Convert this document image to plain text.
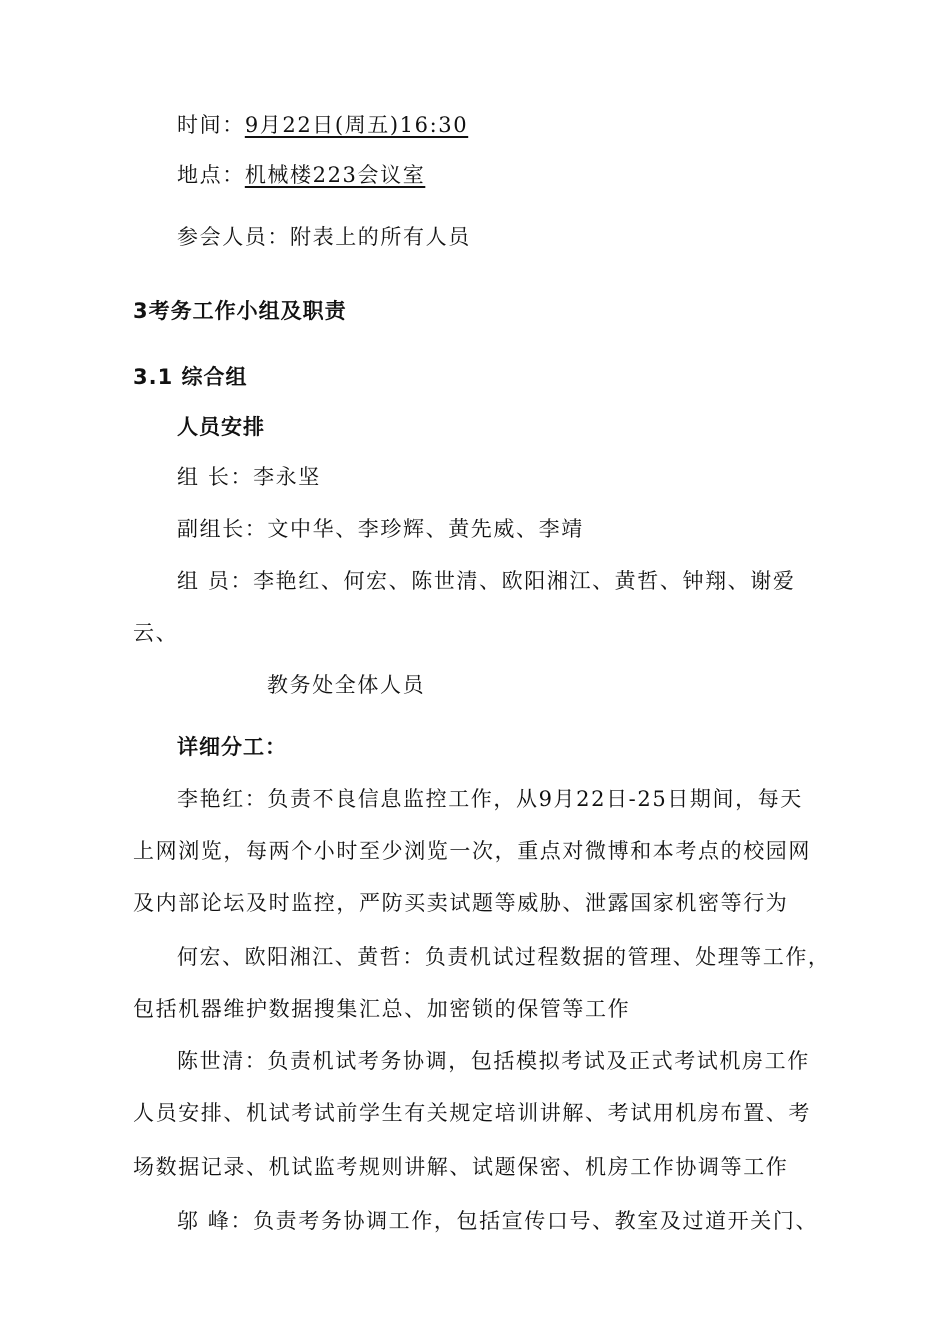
时间：9月22日(周五)16:30
地点：机械楼223会议室
参会人员：附表上的所有人员
3考务工作小组及职责
3.1 综合组
人员安排
组 长：李永坚
副组长：文中华、李珍辉、黄先威、李靖
组 员：李艳红、何宏、陈世清、欧阳湘江、黄哲、钟翔、谢爱
云、
教务处全体人员
详细分工：
李艳红：负责不良信息监控工作，从9月22日-25日期间，每天
上网浏览，每两个小时至少浏览一次，重点对微博和本考点的校园网
及内部论坛及时监控，严防买卖试题等威胁、泄露国家机密等行为
何宏、欧阳湘江、黄哲：负责机试过程数据的管理、处理等工作，
包括机器维护数据搜集汇总、加密锁的保管等工作
陈世清：负责机试考务协调，包括模拟考试及正式考试机房工作
人员安排、机试考试前学生有关规定培训讲解、考试用机房布置、考
场数据记录、机试监考规则讲解、试题保密、机房工作协调等工作
邬 峰：负责考务协调工作，包括宣传口号、教室及过道开关门、
